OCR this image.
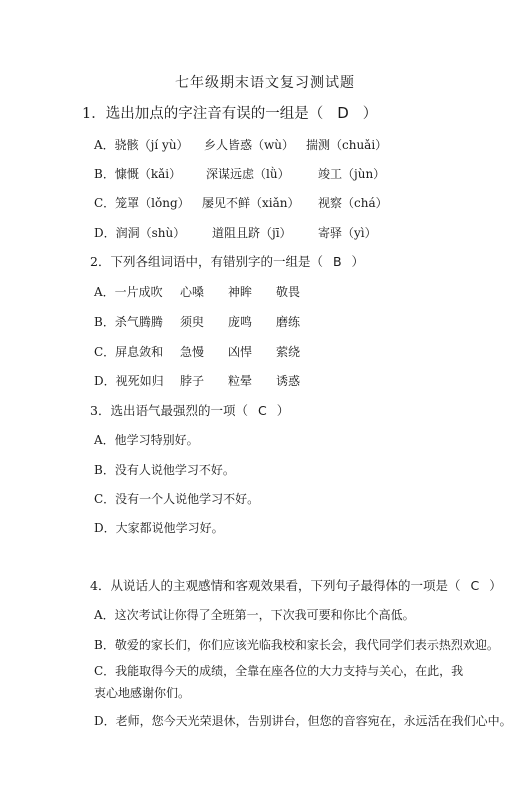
七年级期末语文复习测试题
1．选出加点的字注音有误的一组是（ D ）
A．骁骸（jí yù） 乡人皆惑（wù） 揣测（chuǎi）
B．慷慨（kǎi） 深谋远虑（lǜ） 竣工（jùn）
C．笼罩（lǒng） 屡见不鲜（xiǎn） 视察（chá）
D．润洞（shù） 道阻且跻（jī） 寄驿（yì）
2．下列各组词语中，有错别字的一组是（ B ）
A．一片成吹 心嗓 神眸 敬畏
B．杀气腾腾 须臾 庞鸣 磨练
C．屏息敛和 急慢 凶悍 萦绕
D．视死如归 脖子 粒晕 诱惑
3．选出语气最强烈的一项（ C ）
A．他学习特别好。
B．没有人说他学习不好。
C．没有一个人说他学习不好。
D．大家都说他学习好。
4．从说话人的主观感情和客观效果看，下列句子最得体的一项是（ C ）
A．这次考试让你得了全班第一，下次我可要和你比个高低。
B．敬爱的家长们，你们应该光临我校和家长会，我代同学们表示热烈欢迎。
C．我能取得今天的成绩，全靠在座各位的大力支持与关心，在此，我衷心地感谢你们。
D．老师，您今天光荣退休，告别讲台，但您的音容宛在，永远活在我们心中。
